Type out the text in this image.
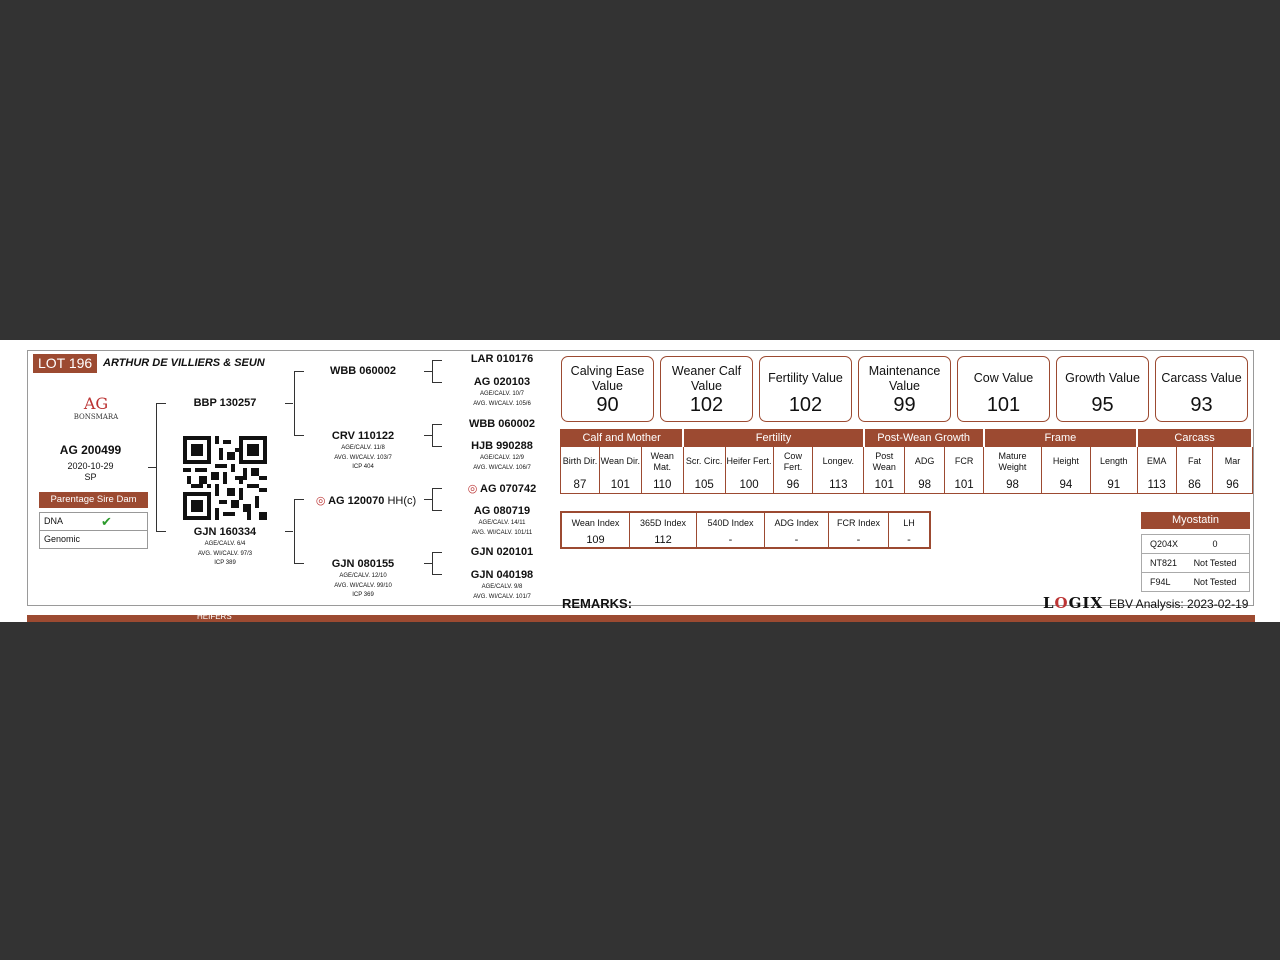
LOT 196 ARTHUR DE VILLIERS & SEUN
AG
BONSMARA
AG 200499
2020-10-29
SP
Parentage Sire Dam
DNA	✔
Genomic
BBP 130257
GJN 160334
AGE/CALV. 6/4
AVG. WI/CALV. 97/3
ICP 389
WBB 060002
CRV 110122
AGE/CALV. 11/8
AVG. WI/CALV. 103/7
ICP 404
◎ AG 120070 HH(c)
GJN 080155
AGE/CALV. 12/10
AVG. WI/CALV. 99/10
ICP 369
LAR 010176
AG 020103
AGE/CALV. 10/7
AVG. WI/CALV. 105/6
WBB 060002
HJB 990288
AGE/CALV. 12/9
AVG. WI/CALV. 106/7
◎ AG 070742
AG 080719
AGE/CALV. 14/11
AVG. WI/CALV. 101/11
GJN 020101
GJN 040198
AGE/CALV. 9/8
AVG. WI/CALV. 101/7
Calving Ease Value
90
Weaner Calf Value
102
Fertility Value
102
Maintenance Value
99
Cow Value
101
Growth Value
95
Carcass Value
93
Calf and Mother			Fertility				Post-Wean Growth			Frame			Carcass		
Birth Dir.	Wean Dir.	Wean Mat.	Scr. Circ.	Heifer Fert.	Cow Fert.	Longev.	Post Wean	ADG	FCR	Mature Weight	Height	Length	EMA	Fat	Mar
87	101	110	105	100	96	113	101	98	101	98	94	91	113	86	96
Wean Index	365D Index	540D Index	ADG Index	FCR Index	LH
109	112	-	-	-	-
Myostatin
Q204X	0
NT821	Not Tested
F94L	Not Tested
REMARKS:	LOGIX EBV Analysis: 2023-02-19
HEIFERS
